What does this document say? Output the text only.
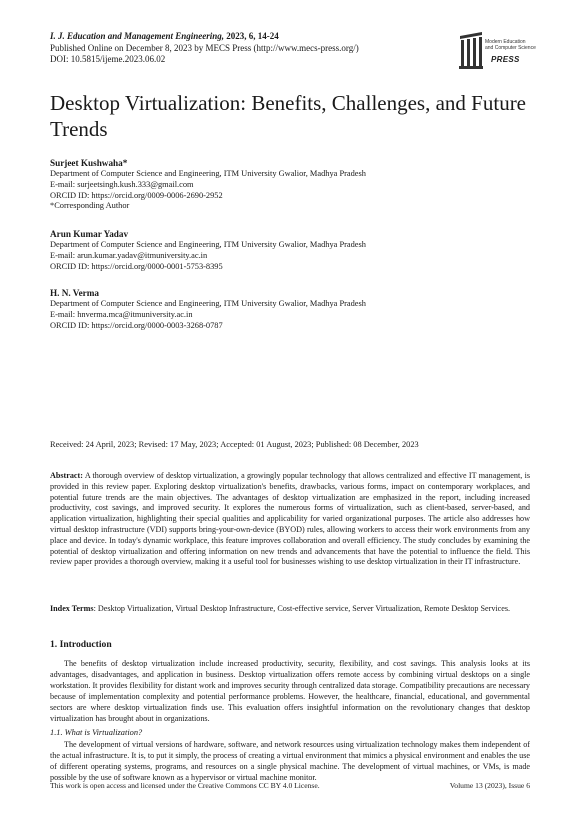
I. J. Education and Management Engineering, 2023, 6, 14-24
Published Online on December 8, 2023 by MECS Press (http://www.mecs-press.org/)
DOI: 10.5815/ijeme.2023.06.02
Modern Education
and Computer Science
PRESS
Desktop Virtualization: Benefits, Challenges, and Future Trends
Surjeet Kushwaha*
Department of Computer Science and Engineering, ITM University Gwalior, Madhya Pradesh
E-mail: surjeetsingh.kush.333@gmail.com
ORCID ID: https://orcid.org/0009-0006-2690-2952
*Corresponding Author
Arun Kumar Yadav
Department of Computer Science and Engineering, ITM University Gwalior, Madhya Pradesh
E-mail: arun.kumar.yadav@itmuniversity.ac.in
ORCID ID: https://orcid.org/0000-0001-5753-8395
H. N. Verma
Department of Computer Science and Engineering, ITM University Gwalior, Madhya Pradesh
E-mail: hnverma.mca@itmuniversity.ac.in
ORCID ID: https://orcid.org/0000-0003-3268-0787
Received: 24 April, 2023; Revised: 17 May, 2023; Accepted: 01 August, 2023; Published: 08 December, 2023

Abstract: A thorough overview of desktop virtualization, a growingly popular technology that allows centralized and effective IT management, is provided in this review paper. Exploring desktop virtualization's benefits, drawbacks, various forms, impact on contemporary workplaces, and potential future trends are the main objectives. The advantages of desktop virtualization are emphasized in the report, including increased productivity, cost savings, and improved security. It explores the numerous forms of virtualization, such as client-based, server-based, and application virtualization, highlighting their special qualities and applicability for varied organizational purposes. The article also addresses how virtual desktop infrastructure (VDI) supports bring-your-own-device (BYOD) rules, allowing workers to access their work environments from any place and device. In today's dynamic workplace, this feature improves collaboration and overall efficiency. The study concludes by examining the potential of desktop virtualization and offering information on new trends and advancements that have the potential to influence the field. This review paper provides a thorough overview, making it a useful tool for businesses wishing to use desktop virtualization in their IT infrastructure.

Index Terms: Desktop Virtualization, Virtual Desktop Infrastructure, Cost-effective service, Server Virtualization, Remote Desktop Services.

1. Introduction

The benefits of desktop virtualization include increased productivity, security, flexibility, and cost savings. This analysis looks at its advantages, disadvantages, and application in business. Desktop virtualization offers remote access by combining virtual desktops on a single workstation. It provides flexibility for distant work and improves security through centralized data storage. Compatibility precautions are necessary because of implementation complexity and potential performance problems. However, the healthcare, financial, educational, and governmental sectors are where desktop virtualization finds use. This evaluation offers insightful information on the revolutionary changes that desktop virtualization has brought about in organizations.

1.1. What is Virtualization?

The development of virtual versions of hardware, software, and network resources using virtualization technology makes them independent of the actual infrastructure. It is, to put it simply, the process of creating a virtual environment that mimics a physical environment and enables the use of different operating systems, programs, and resources on a single physical machine. The development of virtual machines, or VMs, is made possible by the use of software known as a hypervisor or virtual machine monitor.

This work is open access and licensed under the Creative Commons CC BY 4.0 License.	Volume 13 (2023), Issue 6
